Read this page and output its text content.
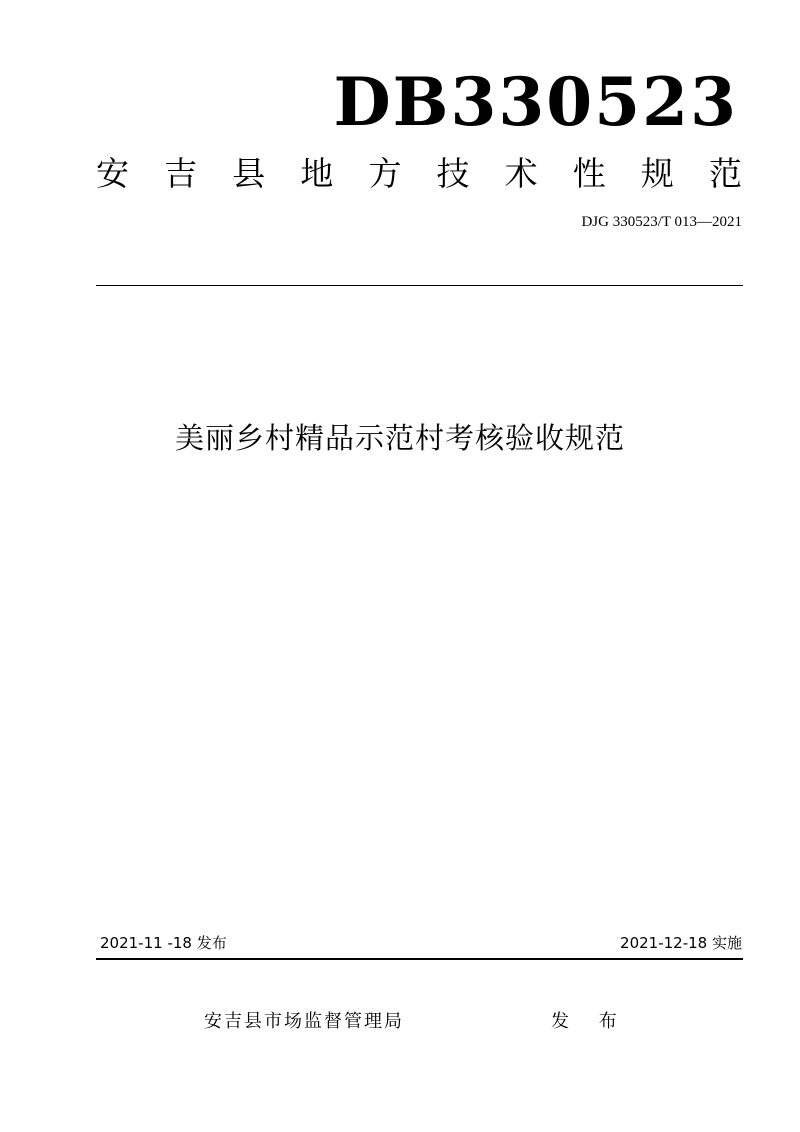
DB330523
安 吉 县 地 方 技 术 性 规 范
DJG 330523/T 013—2021
美丽乡村精品示范村考核验收规范
2021-11 -18 发布	2021-12-18 实施
安吉县市场监督管理局	发 布
